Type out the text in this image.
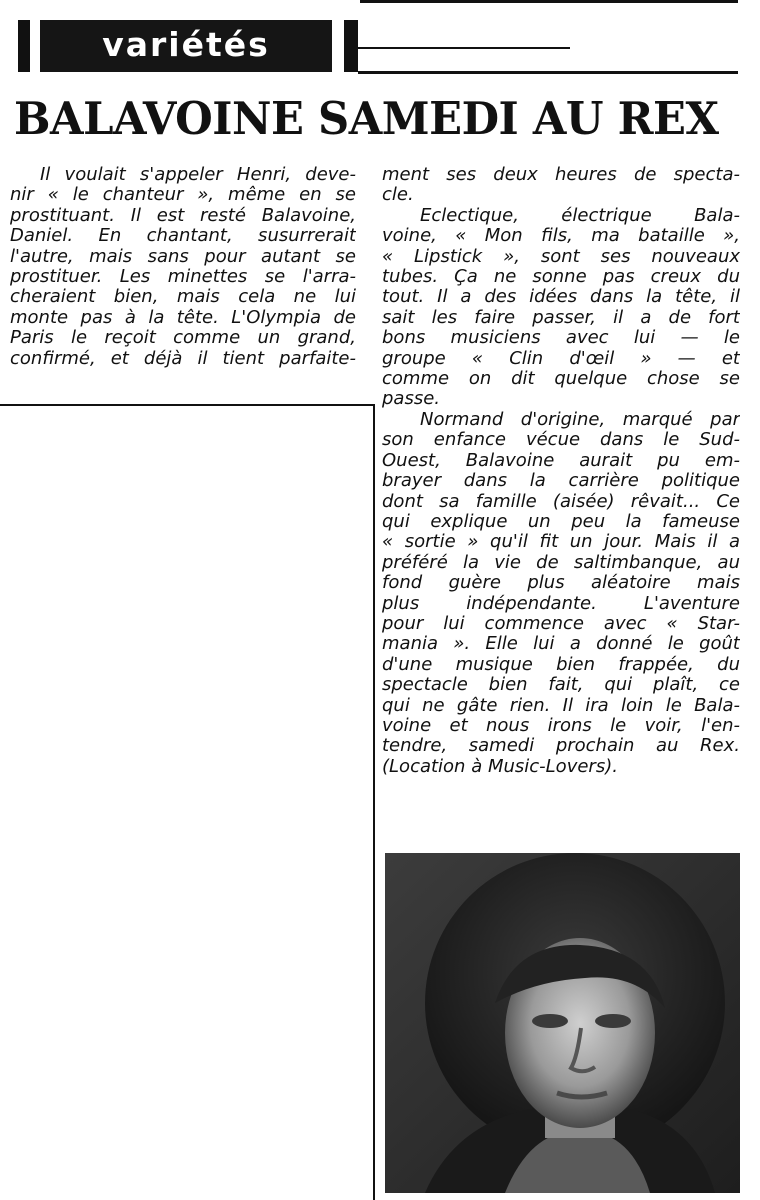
variétés
BALAVOINE SAMEDI AU REX
Il voulait s'appeler Henri, deve-
nir « le chanteur », même en se
prostituant. Il est resté Balavoine,
Daniel. En chantant, susurrerait
l'autre, mais sans pour autant se
prostituer. Les minettes se l'arra-
cheraient bien, mais cela ne lui
monte pas à la tête. L'Olympia de
Paris le reçoit comme un grand,
confirmé, et déjà il tient parfaite-
ment ses deux heures de specta-
cle.
Eclectique, électrique Bala-
voine, « Mon fils, ma bataille »,
« Lipstick », sont ses nouveaux
tubes. Ça ne sonne pas creux du
tout. Il a des idées dans la tête, il
sait les faire passer, il a de fort
bons musiciens avec lui — le
groupe « Clin d'œil » — et
comme on dit quelque chose se
passe.
Normand d'origine, marqué par
son enfance vécue dans le Sud-
Ouest, Balavoine aurait pu em-
brayer dans la carrière politique
dont sa famille (aisée) rêvait... Ce
qui explique un peu la fameuse
« sortie » qu'il fit un jour. Mais il a
préféré la vie de saltimbanque, au
fond guère plus aléatoire mais
plus indépendante. L'aventure
pour lui commence avec « Star-
mania ». Elle lui a donné le goût
d'une musique bien frappée, du
spectacle bien fait, qui plaît, ce
qui ne gâte rien. Il ira loin le Bala-
voine et nous irons le voir, l'en-
tendre, samedi prochain au Rex.
(Location à Music-Lovers).
